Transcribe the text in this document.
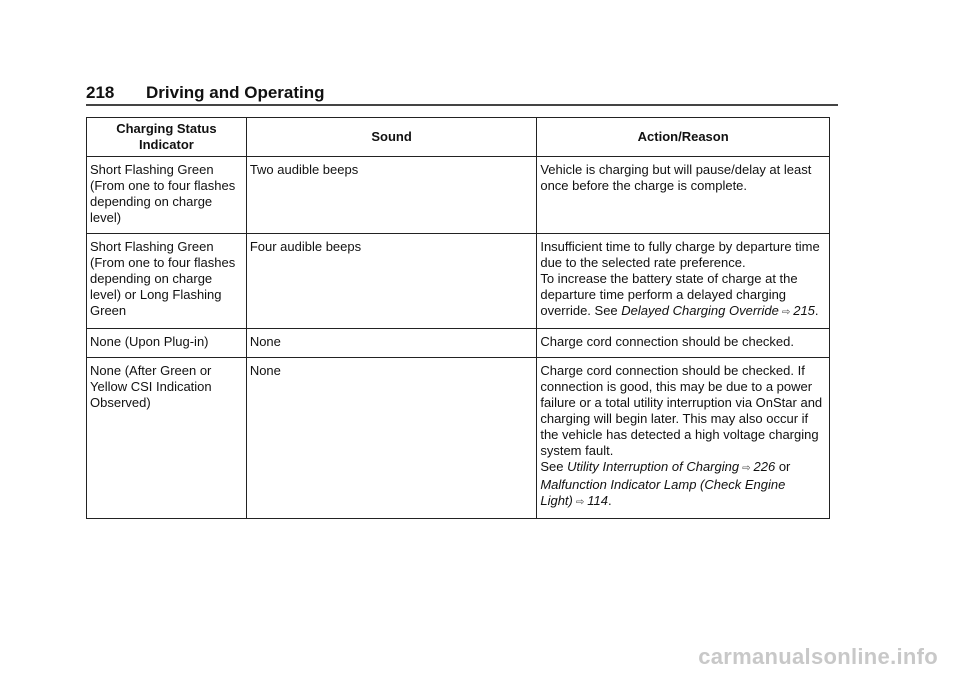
218 Driving and Operating
Charging Status Indicator	Sound	Action/Reason
Short Flashing Green (From one to four flashes depending on charge level)	Two audible beeps	Vehicle is charging but will pause/delay at least once before the charge is complete.
Short Flashing Green (From one to four flashes depending on charge level) or Long Flashing Green	Four audible beeps	Insufficient time to fully charge by departure time due to the selected rate preference.
To increase the battery state of charge at the departure time perform a delayed charging override. See Delayed Charging Override ⇨ 215.
None (Upon Plug-in)	None	Charge cord connection should be checked.
None (After Green or Yellow CSI Indication Observed)	None	Charge cord connection should be checked. If connection is good, this may be due to a power failure or a total utility interruption via OnStar and charging will begin later. This may also occur if the vehicle has detected a high voltage charging system fault.
See Utility Interruption of Charging ⇨ 226 or Malfunction Indicator Lamp (Check Engine Light) ⇨ 114.
carmanualsonline.info
